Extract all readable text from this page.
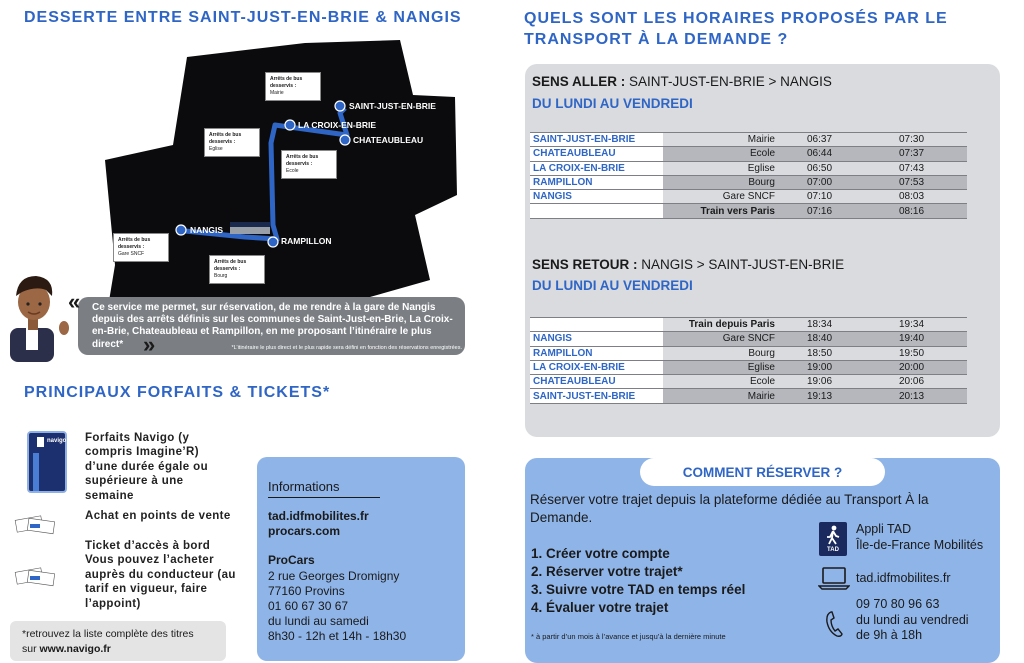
DESSERTE ENTRE SAINT-JUST-EN-BRIE & NANGIS
SAINT-JUST-EN-BRIE
LA CROIX-EN-BRIE
CHATEAUBLEAU
NANGIS
RAMPILLON
Arrêts de bus desservis :
Mairie
Arrêts de bus desservis :
Eglise
Arrêts de bus desservis :
Ecole
Arrêts de bus desservis :
Gare SNCF
Arrêts de bus desservis :
Bourg
« Ce service me permet, sur réservation, de me rendre à la gare de Nangis depuis des arrêts définis sur les communes de Saint-Just-en-Brie, La Croix-en-Brie, Chateaubleau et Rampillon, en me proposant l’itinéraire le plus direct* »	*L’itinéraire le plus direct et le plus rapide sera défini en fonction des réservations enregistrées.
PRINCIPAUX FORFAITS & TICKETS*
navigo Forfaits Navigo (y compris Imagine’R) d’une durée égale ou supérieure à une semaine
Achat en points de vente
Ticket d’accès à bord Vous pouvez l’acheter auprès du conducteur (au tarif en vigueur, faire l’appoint)
*retrouvez la liste complète des titres
sur www.navigo.fr
Informations
tad.idfmobilites.fr
procars.com
ProCars
2 rue Georges Dromigny
77160 Provins
01 60 67 30 67
du lundi au samedi
8h30 - 12h et 14h - 18h30
QUELS SONT LES HORAIRES PROPOSÉS PAR LE TRANSPORT À LA DEMANDE ?
SENS ALLER : SAINT-JUST-EN-BRIE > NANGIS
DU LUNDI AU VENDREDI
SAINT-JUST-EN-BRIE	Mairie	06:37	07:30
CHATEAUBLEAU	Ecole	06:44	07:37
LA CROIX-EN-BRIE	Eglise	06:50	07:43
RAMPILLON	Bourg	07:00	07:53
NANGIS	Gare SNCF	07:10	08:03
	Train vers Paris	07:16	08:16
SENS RETOUR : NANGIS > SAINT-JUST-EN-BRIE
DU LUNDI AU VENDREDI
	Train depuis Paris	18:34	19:34
NANGIS	Gare SNCF	18:40	19:40
RAMPILLON	Bourg	18:50	19:50
LA CROIX-EN-BRIE	Eglise	19:00	20:00
CHATEAUBLEAU	Ecole	19:06	20:06
SAINT-JUST-EN-BRIE	Mairie	19:13	20:13
COMMENT RÉSERVER ?
Réserver votre trajet depuis la plateforme dédiée au Transport À la Demande.
1. Créer votre compte
2. Réserver votre trajet*
3. Suivre votre TAD en temps réel
4. Évaluer votre trajet
* à partir d’un mois à l’avance et jusqu’à la dernière minute
TAD
Appli TAD
Île-de-France Mobilités
tad.idfmobilites.fr
09 70 80 96 63
du lundi au vendredi
de 9h à 18h
